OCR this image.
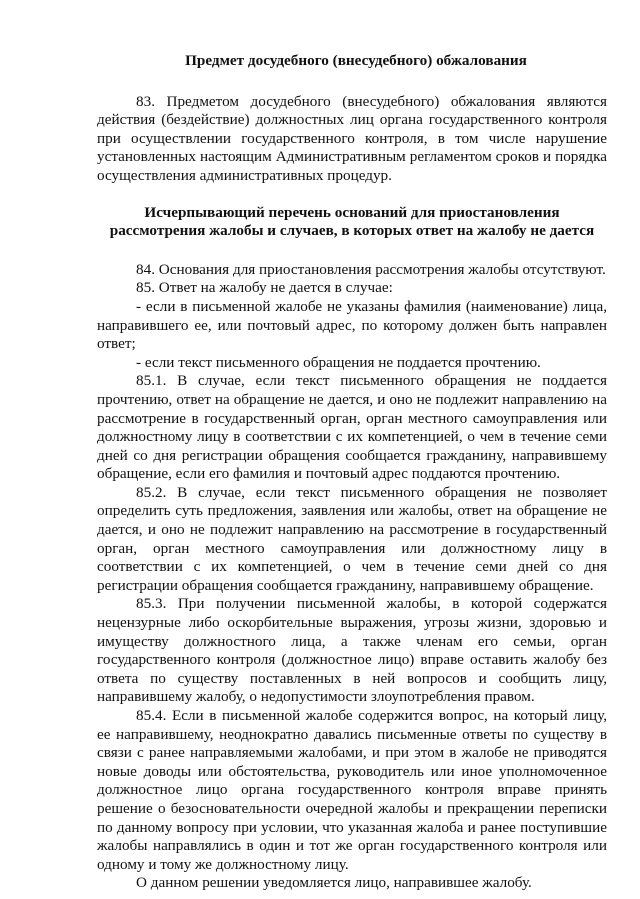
Предмет досудебного (внесудебного) обжалования

83. Предметом досудебного (внесудебного) обжалования являются действия (бездействие) должностных лиц органа государственного контроля при осуществлении государственного контроля, в том числе нарушение установленных настоящим Административным регламентом сроков и порядка осуществления административных процедур.

Исчерпывающий перечень оснований для приостановления рассмотрения жалобы и случаев, в которых ответ на жалобу не дается

84. Основания для приостановления рассмотрения жалобы отсутствуют.

85. Ответ на жалобу не дается в случае:

- если в письменной жалобе не указаны фамилия (наименование) лица, направившего ее, или почтовый адрес, по которому должен быть направлен ответ;

- если текст письменного обращения не поддается прочтению.

85.1. В случае, если текст письменного обращения не поддается прочтению, ответ на обращение не дается, и оно не подлежит направлению на рассмотрение в государственный орган, орган местного самоуправления или должностному лицу в соответствии с их компетенцией, о чем в течение семи дней со дня регистрации обращения сообщается гражданину, направившему обращение, если его фамилия и почтовый адрес поддаются прочтению.

85.2. В случае, если текст письменного обращения не позволяет определить суть предложения, заявления или жалобы, ответ на обращение не дается, и оно не подлежит направлению на рассмотрение в государственный орган, орган местного самоуправления или должностному лицу в соответствии с их компетенцией, о чем в течение семи дней со дня регистрации обращения сообщается гражданину, направившему обращение.

85.3. При получении письменной жалобы, в которой содержатся нецензурные либо оскорбительные выражения, угрозы жизни, здоровью и имуществу должностного лица, а также членам его семьи, орган государственного контроля (должностное лицо) вправе оставить жалобу без ответа по существу поставленных в ней вопросов и сообщить лицу, направившему жалобу, о недопустимости злоупотребления правом.

85.4. Если в письменной жалобе содержится вопрос, на который лицу, ее направившему, неоднократно давались письменные ответы по существу в связи с ранее направляемыми жалобами, и при этом в жалобе не приводятся новые доводы или обстоятельства, руководитель или иное уполномоченное должностное лицо органа государственного контроля вправе принять решение о безосновательности очередной жалобы и прекращении переписки по данному вопросу при условии, что указанная жалоба и ранее поступившие жалобы направлялись в один и тот же орган государственного контроля или одному и тому же должностному лицу.

О данном решении уведомляется лицо, направившее жалобу.
